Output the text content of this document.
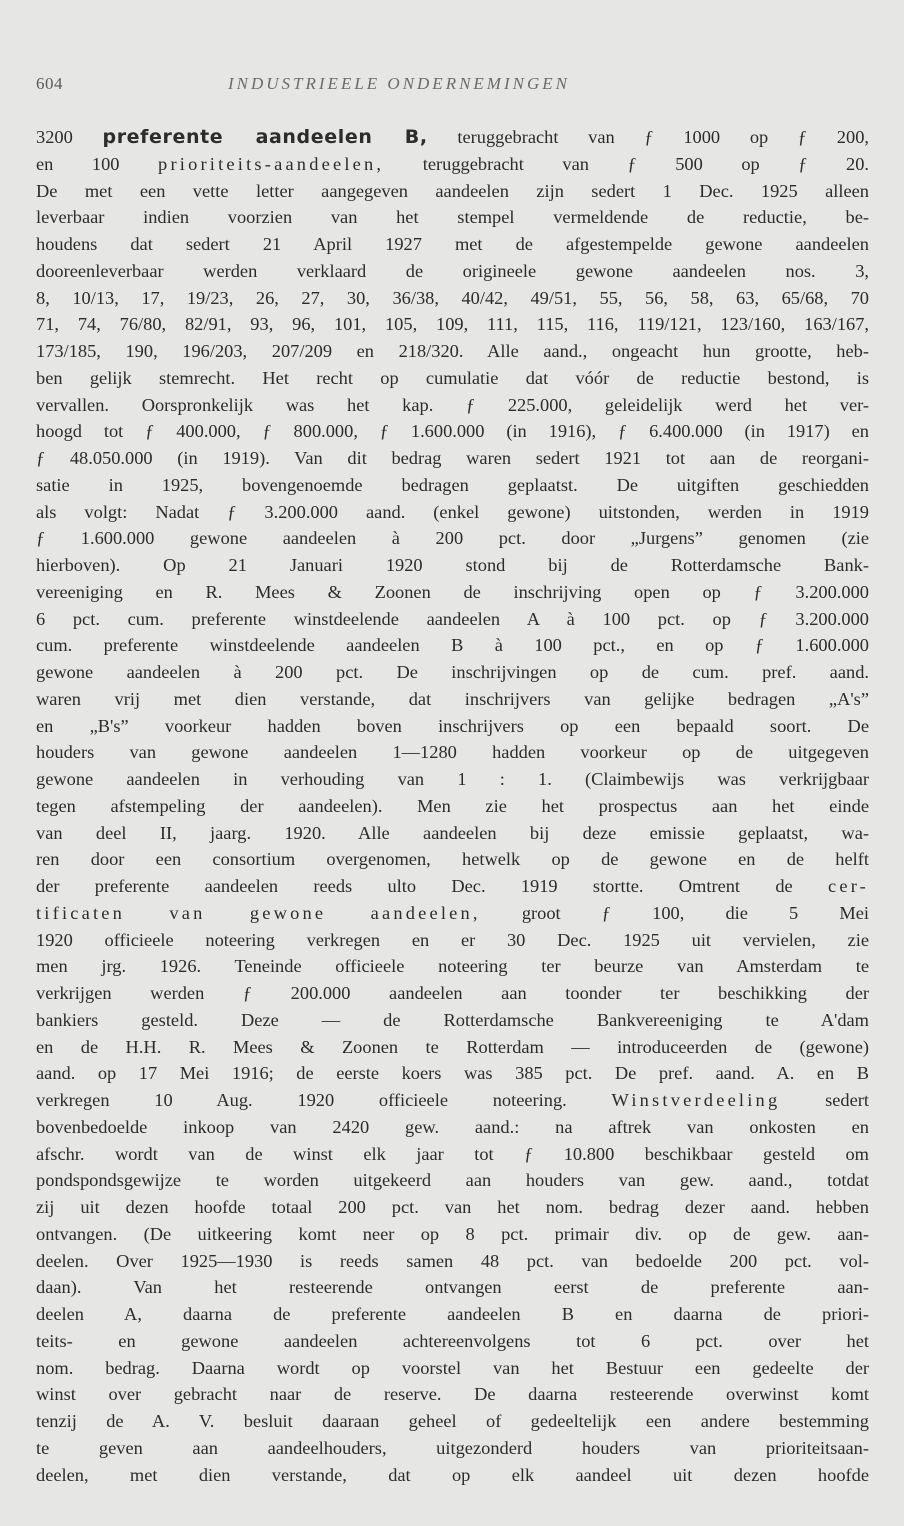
604	INDUSTRIEELE ONDERNEMINGEN

3200 preferente aandeelen B, teruggebracht van ƒ 1000 op ƒ 200,
en 100 prioriteits-aandeelen, teruggebracht van ƒ 500 op ƒ 20.
De met een vette letter aangegeven aandeelen zijn sedert 1 Dec. 1925 alleen
leverbaar indien voorzien van het stempel vermeldende de reductie, be-
houdens dat sedert 21 April 1927 met de afgestempelde gewone aandeelen
dooreenleverbaar werden verklaard de origineele gewone aandeelen nos. 3,
8, 10/13, 17, 19/23, 26, 27, 30, 36/38, 40/42, 49/51, 55, 56, 58, 63, 65/68, 70
71, 74, 76/80, 82/91, 93, 96, 101, 105, 109, 111, 115, 116, 119/121, 123/160, 163/167,
173/185, 190, 196/203, 207/209 en 218/320. Alle aand., ongeacht hun grootte, heb-
ben gelijk stemrecht. Het recht op cumulatie dat vóór de reductie bestond, is
vervallen. Oorspronkelijk was het kap. ƒ 225.000, geleidelijk werd het ver-
hoogd tot ƒ 400.000, ƒ 800.000, ƒ 1.600.000 (in 1916), ƒ 6.400.000 (in 1917) en
ƒ 48.050.000 (in 1919). Van dit bedrag waren sedert 1921 tot aan de reorgani-
satie in 1925, bovengenoemde bedragen geplaatst. De uitgiften geschiedden
als volgt: Nadat ƒ 3.200.000 aand. (enkel gewone) uitstonden, werden in 1919
ƒ 1.600.000 gewone aandeelen à 200 pct. door „Jurgens” genomen (zie
hierboven). Op 21 Januari 1920 stond bij de Rotterdamsche Bank-
vereeniging en R. Mees & Zoonen de inschrijving open op ƒ 3.200.000
6 pct. cum. preferente winstdeelende aandeelen A à 100 pct. op ƒ 3.200.000
cum. preferente winstdeelende aandeelen B à 100 pct., en op ƒ 1.600.000
gewone aandeelen à 200 pct. De inschrijvingen op de cum. pref. aand.
waren vrij met dien verstande, dat inschrijvers van gelijke bedragen „A's”
en „B's” voorkeur hadden boven inschrijvers op een bepaald soort. De
houders van gewone aandeelen 1—1280 hadden voorkeur op de uitgegeven
gewone aandeelen in verhouding van 1 : 1. (Claimbewijs was verkrijgbaar
tegen afstempeling der aandeelen). Men zie het prospectus aan het einde
van deel II, jaarg. 1920. Alle aandeelen bij deze emissie geplaatst, wa-
ren door een consortium overgenomen, hetwelk op de gewone en de helft
der preferente aandeelen reeds ulto Dec. 1919 stortte. Omtrent de cer-
tificaten van gewone aandeelen, groot ƒ 100, die 5 Mei
1920 officieele noteering verkregen en er 30 Dec. 1925 uit vervielen, zie
men jrg. 1926. Teneinde officieele noteering ter beurze van Amsterdam te
verkrijgen werden ƒ 200.000 aandeelen aan toonder ter beschikking der
bankiers gesteld. Deze — de Rotterdamsche Bankvereeniging te A'dam
en de H.H. R. Mees & Zoonen te Rotterdam — introduceerden de (gewone)
aand. op 17 Mei 1916; de eerste koers was 385 pct. De pref. aand. A. en B
verkregen 10 Aug. 1920 officieele noteering. Winstverdeeling sedert
bovenbedoelde inkoop van 2420 gew. aand.: na aftrek van onkosten en
afschr. wordt van de winst elk jaar tot ƒ 10.800 beschikbaar gesteld om
pondspondsgewijze te worden uitgekeerd aan houders van gew. aand., totdat
zij uit dezen hoofde totaal 200 pct. van het nom. bedrag dezer aand. hebben
ontvangen. (De uitkeering komt neer op 8 pct. primair div. op de gew. aan-
deelen. Over 1925—1930 is reeds samen 48 pct. van bedoelde 200 pct. vol-
daan). Van het resteerende ontvangen eerst de preferente aan-
deelen A, daarna de preferente aandeelen B en daarna de priori-
teits- en gewone aandeelen achtereenvolgens tot 6 pct. over het
nom. bedrag. Daarna wordt op voorstel van het Bestuur een gedeelte der
winst over gebracht naar de reserve. De daarna resteerende overwinst komt
tenzij de A. V. besluit daaraan geheel of gedeeltelijk een andere bestemming
te geven aan aandeelhouders, uitgezonderd houders van prioriteitsaan-
deelen, met dien verstande, dat op elk aandeel uit dezen hoofde
